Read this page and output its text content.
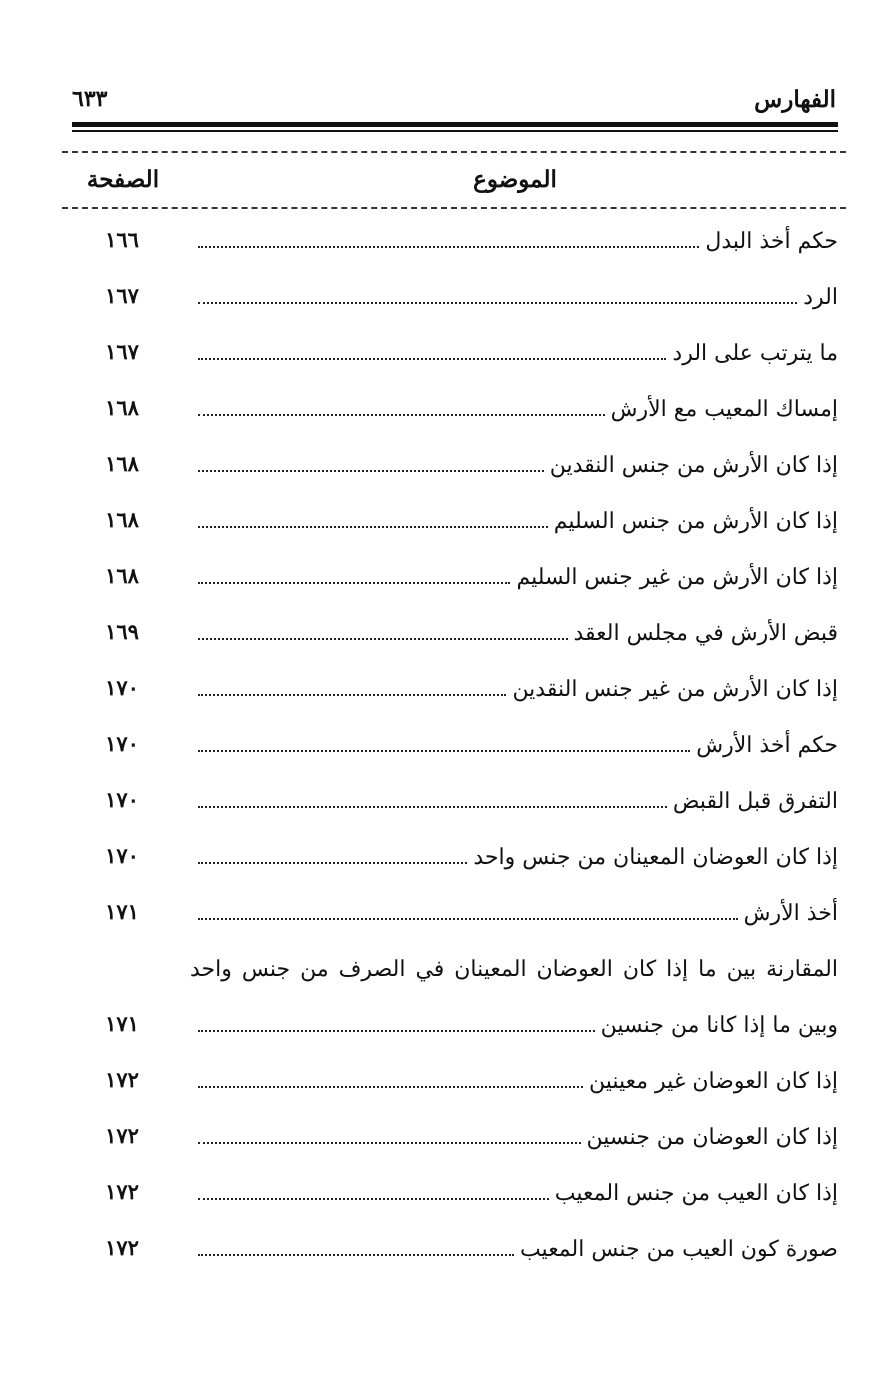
الفهارس
٦٣٣
الموضوع
الصفحة
حكم أخذ البدل
١٦٦
الرد
١٦٧
ما يترتب على الرد
١٦٧
إمساك المعيب مع الأرش
١٦٨
إذا كان الأرش من جنس النقدين
١٦٨
إذا كان الأرش من جنس السليم
١٦٨
إذا كان الأرش من غير جنس السليم
١٦٨
قبض الأرش في مجلس العقد
١٦٩
إذا كان الأرش من غير جنس النقدين
١٧٠
حكم أخذ الأرش
١٧٠
التفرق قبل القبض
١٧٠
إذا كان العوضان المعينان من جنس واحد
١٧٠
أخذ الأرش
١٧١
المقارنة بين ما إذا كان العوضان المعينان في الصرف من جنس واحد
وبين ما إذا كانا من جنسين
١٧١
إذا كان العوضان غير معينين
١٧٢
إذا كان العوضان من جنسين
١٧٢
إذا كان العيب من جنس المعيب
١٧٢
صورة كون العيب من جنس المعيب
١٧٢
